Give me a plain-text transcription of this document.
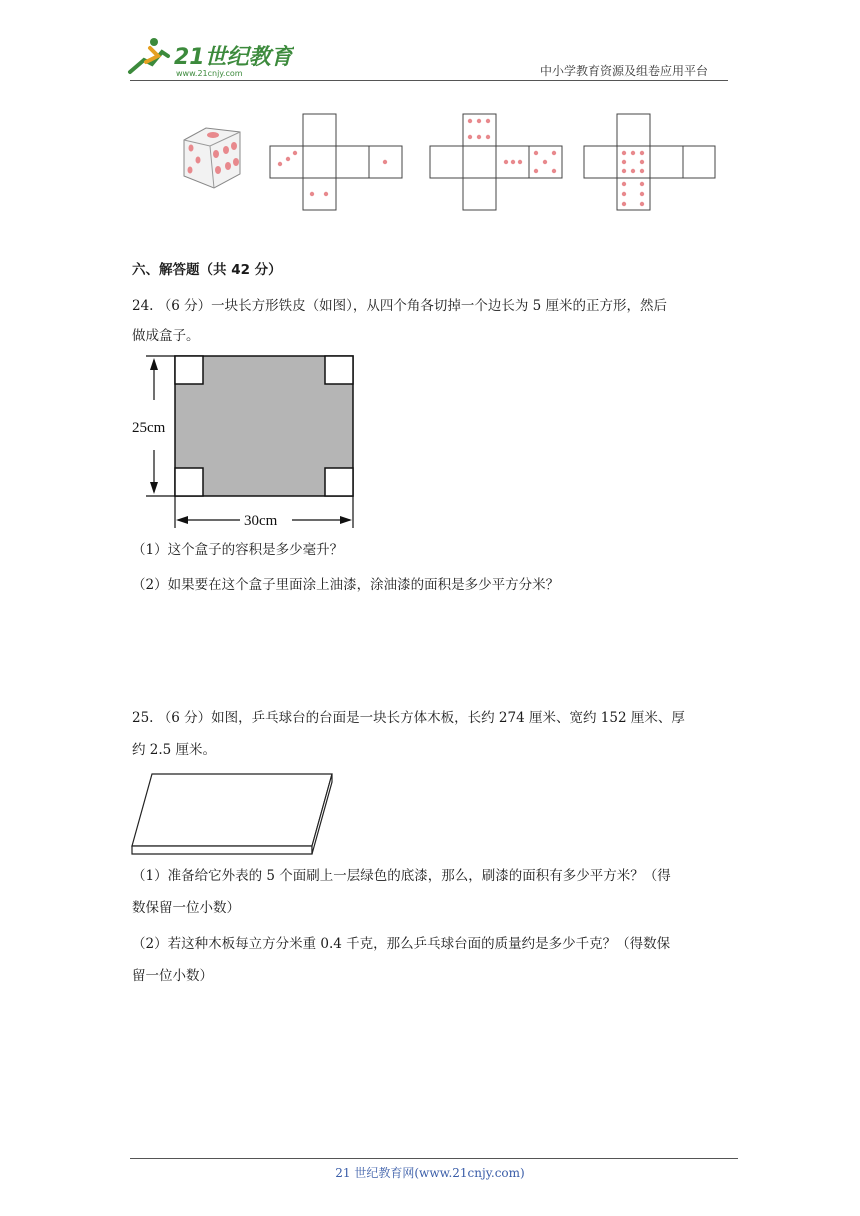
21世纪教育
www.21cnjy.com	中小学教育资源及组卷应用平台
六、解答题（共 42 分）
24. （6 分）一块长方形铁皮（如图），从四个角各切掉一个边长为 5 厘米的正方形，然后
做成盒子。
25cm
30cm
（1）这个盒子的容积是多少毫升？
（2）如果要在这个盒子里面涂上油漆，涂油漆的面积是多少平方分米？
25. （6 分）如图，乒乓球台的台面是一块长方体木板，长约 274 厘米、宽约 152 厘米、厚
约 2.5 厘米。
（1）准备给它外表的 5 个面刷上一层绿色的底漆，那么，刷漆的面积有多少平方米？（得
数保留一位小数）
（2）若这种木板每立方分米重 0.4 千克，那么乒乓球台面的质量约是多少千克？（得数保
留一位小数）
21 世纪教育网(www.21cnjy.com)
